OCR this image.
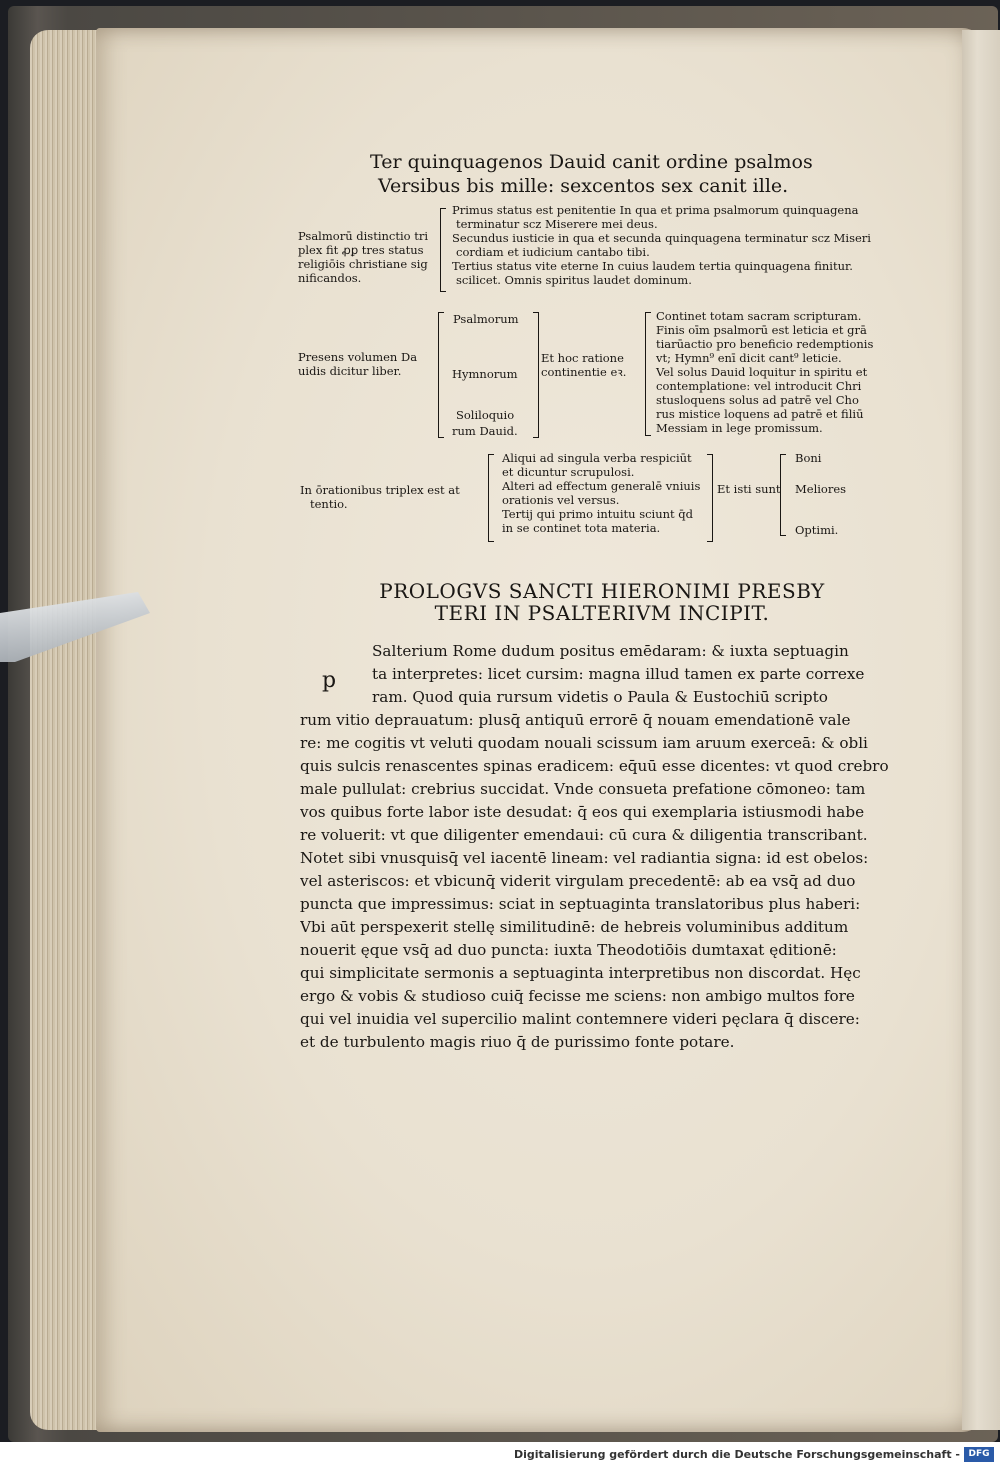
Ter quinquagenos Dauid canit ordine psalmos
Versibus bis mille: sexcentos sex canit ille.
Psalmorū distinctio tri
plex fit ꝓꝑ tres status
religiōis christiane sig
nificandos.
Primus status est penitentie In qua et prima psalmorum quinquagena
terminatur scz Miserere mei deus.
Secundus iusticie in qua et secunda quinquagena terminatur scz Miseri
cordiam et iudicium cantabo tibi.
Tertius status vite eterne In cuius laudem tertia quinquagena finitur.
scilicet. Omnis spiritus laudet dominum.
Presens volumen Da
uidis dicitur liber.
Psalmorum
Hymnorum
Soliloquio
rum Dauid.
Et hoc ratione
continentie eꝛ.
Continet totam sacram scripturam.
Finis oīm psalmorū est leticia et grā
tiarūactio pro beneficio redemptionis
vt; Hymn⁹ enī dicit cant⁹ leticie.
Vel solus Dauid loquitur in spiritu et
contemplatione: vel introducit Chri
stusloquens solus ad patrē vel Cho
rus mistice loquens ad patrē et filiū
Messiam in lege promissum.
In ōrationibus triplex est at
tentio.
Aliqui ad singula verba respiciūt
et dicuntur scrupulosi.
Alteri ad effectum generalē vniuis
orationis vel versus.
Tertij qui primo intuitu sciunt q̄d
in se continet tota materia.
Et isti sunt
Boni
Meliores
Optimi.
PROLOGVS SANCTI HIERONIMI PRESBY
TERI IN PSALTERIVM INCIPIT.
p
Salterium Rome dudum positus emēdaram: & iuxta septuagin
ta interpretes: licet cursim: magna illud tamen ex parte correxe
ram. Quod quia rursum videtis o Paula & Eustochiū scripto
rum vitio deprauatum: plusq̄ antiquū errorē q̄ nouam emendationē vale
re: me cogitis vt veluti quodam nouali scissum iam aruum exerceā: & obli
quis sulcis renascentes spinas eradicem: eq̄uū esse dicentes: vt quod crebro
male pullulat: crebrius succidat. Vnde consueta prefatione cōmoneo: tam
vos quibus forte labor iste desudat: q̄ eos qui exemplaria istiusmodi habe
re voluerit: vt que diligenter emendaui: cū cura & diligentia transcribant.
Notet sibi vnusquisq̄ vel iacentē lineam: vel radiantia signa: id est obelos:
vel asteriscos: et vbicunq̄ viderit virgulam precedentē: ab ea vsq̄ ad duo
puncta que impressimus: sciat in septuaginta translatoribus plus haberi:
Vbi aūt perspexerit stellę similitudinē: de hebreis voluminibus additum
nouerit ęque vsq̄ ad duo puncta: iuxta Theodotiōis dumtaxat ęditionē:
qui simplicitate sermonis a septuaginta interpretibus non discordat. Hęc
ergo & vobis & studioso cuiq̄ fecisse me sciens: non ambigo multos fore
qui vel inuidia vel supercilio malint contemnere videri pęclara q̄ discere:
et de turbulento magis riuo q̄ de purissimo fonte potare.
Digitalisierung gefördert durch die Deutsche Forschungsgemeinschaft - DFG
